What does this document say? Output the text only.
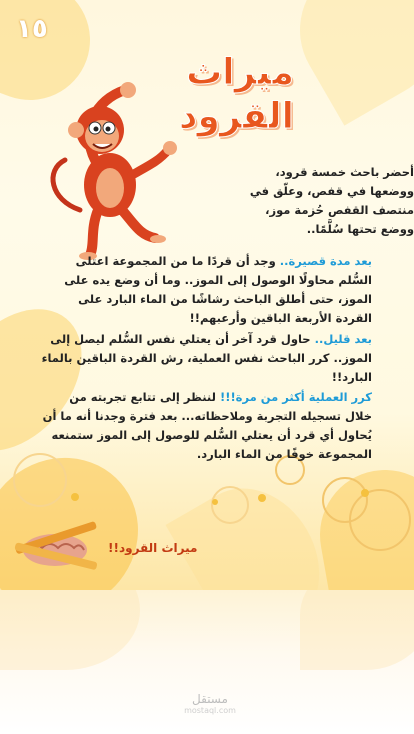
١٥
ميراث
القرود
أحضر باحث خمسة قرود، ووضعها في قفص، وعلّق في منتصف القفص حُزمة موز، ووضع تحتها سُلَّمًا..
بعد مدة قصيرة.. وجد أن قردًا ما من المجموعة اعتلى السُّلم محاولًا الوصول إلى الموز.. وما أن وضع يده على الموز، حتى أطلق الباحث رشاشًا من الماء البارد على القردة الأربعة الباقين وأرعبهم!!
بعد قليل.. حاول قرد آخر أن يعتلي نفس السُّلم ليصل إلى الموز.. كرر الباحث نفس العملية، رش القردة الباقين بالماء البارد!!
كرر العملية أكثر من مرة!!! لننظر إلى تتابع تجربته من خلال تسجيله التجربة وملاحظاته... بعد فترة وجدنا أنه ما أن يُحاول أي قرد أن يعتلي السُّلم للوصول إلى الموز ستمنعه المجموعة خوفًا من الماء البارد.
ميراث القرود!!
مستقل
mostaql.com
